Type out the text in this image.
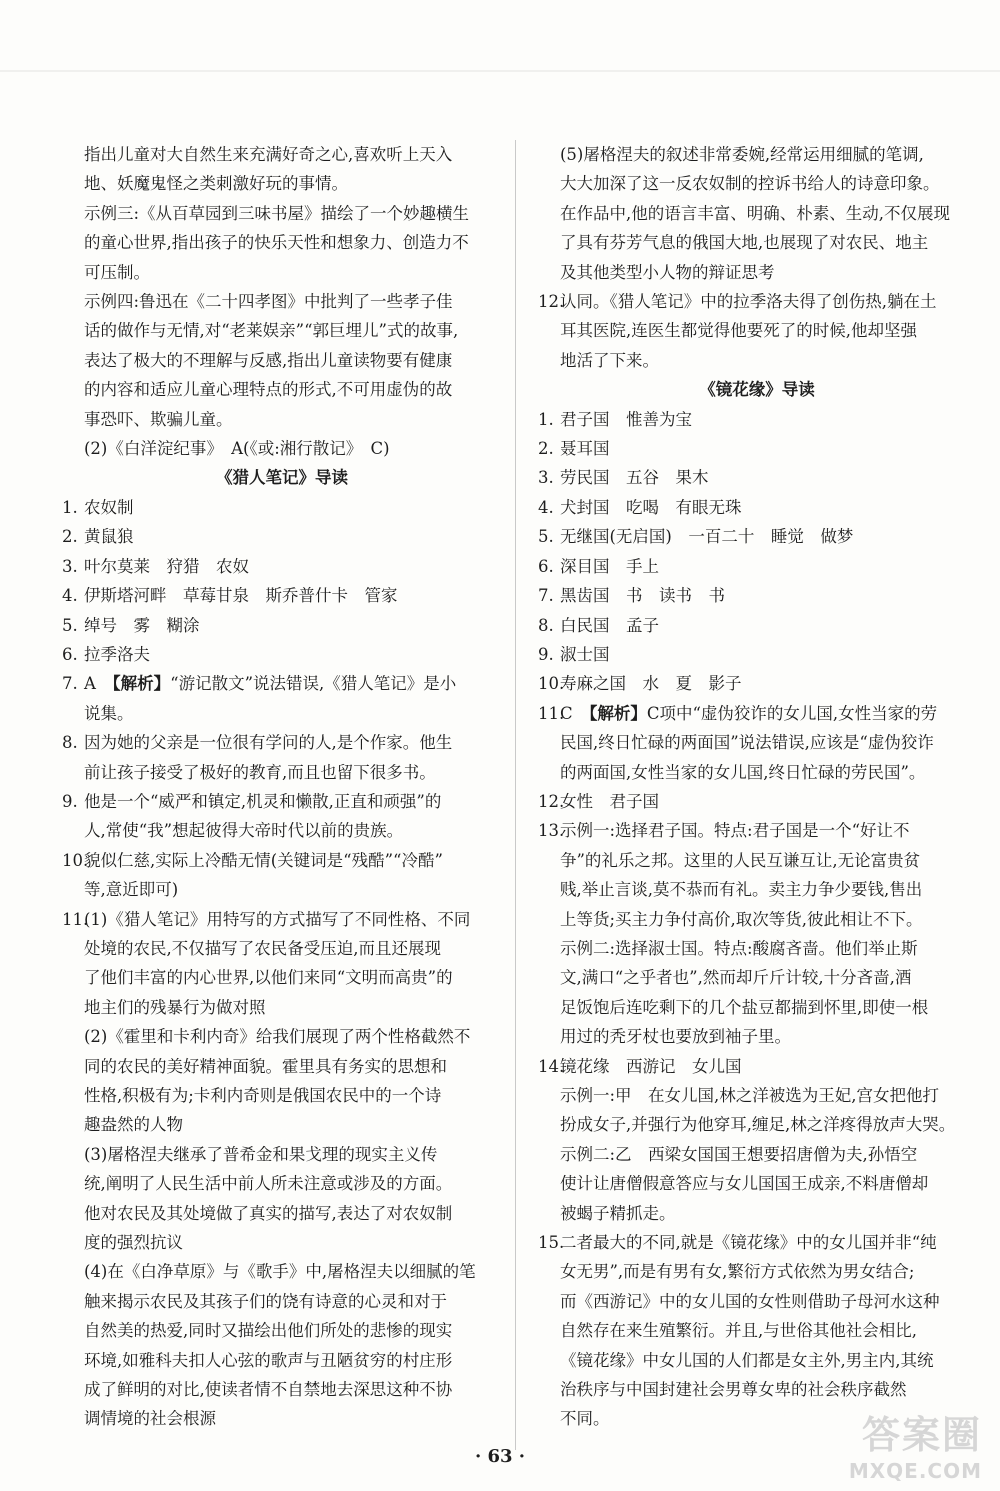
指出儿童对大自然生来充满好奇之心,喜欢听上天入

地、妖魔鬼怪之类刺激好玩的事情。

示例三:《从百草园到三味书屋》描绘了一个妙趣横生

的童心世界,指出孩子的快乐天性和想象力、创造力不

可压制。

示例四:鲁迅在《二十四孝图》中批判了一些孝子佳

话的做作与无情,对“老莱娱亲”“郭巨埋儿”式的故事,

表达了极大的不理解与反感,指出儿童读物要有健康

的内容和适应儿童心理特点的形式,不可用虚伪的故

事恐吓、欺骗儿童。

(2)《白洋淀纪事》　A(《或:湘行散记》　C)

《猎人笔记》导读

1. 农奴制

2. 黄鼠狼

3. 叶尔莫莱　狩猎　农奴

4. 伊斯塔河畔　草莓甘泉　斯乔普什卡　管家

5. 绰号　雾　糊涂

6. 拉季洛夫

7. A　【解析】“游记散文”说法错误,《猎人笔记》是小

说集。

8. 因为她的父亲是一位很有学问的人,是个作家。他生

前让孩子接受了极好的教育,而且也留下很多书。

9. 他是一个“威严和镇定,机灵和懒散,正直和顽强”的

人,常使“我”想起彼得大帝时代以前的贵族。

10.貌似仁慈,实际上冷酷无情(关键词是“残酷”“冷酷”

等,意近即可)

11.(1)《猎人笔记》用特写的方式描写了不同性格、不同

处境的农民,不仅描写了农民备受压迫,而且还展现

了他们丰富的内心世界,以他们来同“文明而高贵”的

地主们的残暴行为做对照

(2)《霍里和卡利内奇》给我们展现了两个性格截然不

同的农民的美好精神面貌。霍里具有务实的思想和

性格,积极有为;卡利内奇则是俄国农民中的一个诗

趣盎然的人物

(3)屠格涅夫继承了普希金和果戈理的现实主义传

统,阐明了人民生活中前人所未注意或涉及的方面。

他对农民及其处境做了真实的描写,表达了对农奴制

度的强烈抗议

(4)在《白净草原》与《歌手》中,屠格涅夫以细腻的笔

触来揭示农民及其孩子们的饶有诗意的心灵和对于

自然美的热爱,同时又描绘出他们所处的悲惨的现实

环境,如雅科夫扣人心弦的歌声与丑陋贫穷的村庄形

成了鲜明的对比,使读者情不自禁地去深思这种不协

调情境的社会根源

(5)屠格涅夫的叙述非常委婉,经常运用细腻的笔调,

大大加深了这一反农奴制的控诉书给人的诗意印象。

在作品中,他的语言丰富、明确、朴素、生动,不仅展现

了具有芬芳气息的俄国大地,也展现了对农民、地主

及其他类型小人物的辩证思考

12.认同。《猎人笔记》中的拉季洛夫得了创伤热,躺在土

耳其医院,连医生都觉得他要死了的时候,他却坚强

地活了下来。

《镜花缘》导读

1. 君子国　惟善为宝

2. 聂耳国

3. 劳民国　五谷　果木

4. 犬封国　吃喝　有眼无珠

5. 无继国(无启国)　一百二十　睡觉　做梦

6. 深目国　手上

7. 黑齿国　书　读书　书

8. 白民国　孟子

9. 淑士国

10.寿麻之国　水　夏　影子

11.C　【解析】C项中“虚伪狡诈的女儿国,女性当家的劳

民国,终日忙碌的两面国”说法错误,应该是“虚伪狡诈

的两面国,女性当家的女儿国,终日忙碌的劳民国”。

12.女性　君子国

13.示例一:选择君子国。特点:君子国是一个“好让不

争”的礼乐之邦。这里的人民互谦互让,无论富贵贫

贱,举止言谈,莫不恭而有礼。卖主力争少要钱,售出

上等货;买主力争付高价,取次等货,彼此相让不下。

示例二:选择淑士国。特点:酸腐吝啬。他们举止斯

文,满口“之乎者也”,然而却斤斤计较,十分吝啬,酒

足饭饱后连吃剩下的几个盐豆都揣到怀里,即使一根

用过的秃牙杖也要放到袖子里。

14.镜花缘　西游记　女儿国

示例一:甲　在女儿国,林之洋被选为王妃,宫女把他打

扮成女子,并强行为他穿耳,缠足,林之洋疼得放声大哭。

示例二:乙　西梁女国国王想要招唐僧为夫,孙悟空

使计让唐僧假意答应与女儿国国王成亲,不料唐僧却

被蝎子精抓走。

15.二者最大的不同,就是《镜花缘》中的女儿国并非“纯

女无男”,而是有男有女,繁衍方式依然为男女结合;

而《西游记》中的女儿国的女性则借助子母河水这种

自然存在来生殖繁衍。并且,与世俗其他社会相比,

《镜花缘》中女儿国的人们都是女主外,男主内,其统

治秩序与中国封建社会男尊女卑的社会秩序截然

不同。

· 63 ·	答案圈
MXQE.COM
